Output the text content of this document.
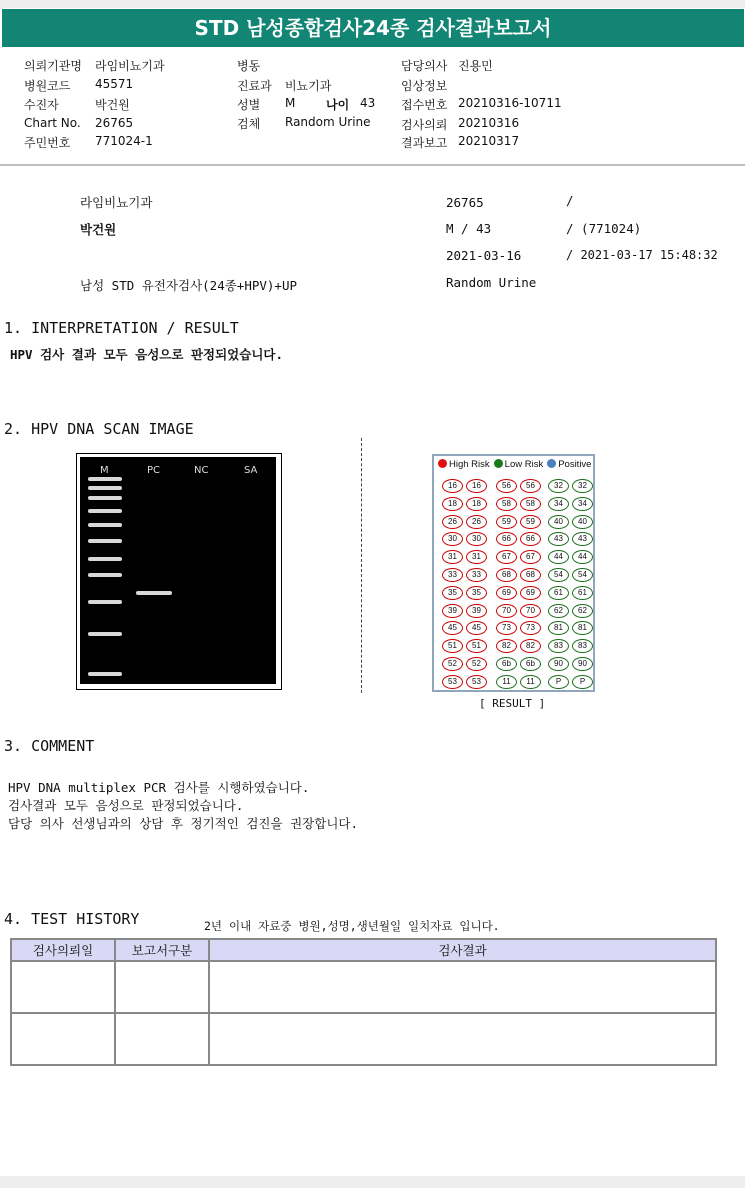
STD 남성종합검사24종 검사결과보고서
의뢰기관명 라임비뇨기과
병원코드 45571
수진자	박건원
Chart No. 26765
주민번호 771024-1
병동
진료과 비뇨기과
성별 M
검체 Random Urine
담당의사 진용민
임상정보
접수번호 20210316-10711
검사의뢰 20210316
결과보고 20210317
나이 43
라임비뇨기과
박건원
남성 STD 유전자검사(24종+HPV)+UP
26765	/
M / 43	/ (771024)
2021-03-16	/ 2021-03-17 15:48:32
Random Urine
1. INTERPRETATION / RESULT
HPV 검사 결과 모두 음성으로 판정되었습니다.
2. HPV DNA SCAN IMAGE
M	PC	NC	SA
High Risk Low Risk Positive
16	16
18	18
26	26
30	30
31	31
33	33
35	35
39	39
45	45
51	51
52	52
53	53
56	56
58	58
59	59
66	66
67	67
68	68
69	69
70	70
73	73
82	82
6b	6b
11	11
32	32
34	34
40	40
43	43
44	44
54	54
61	61
62	62
81	81
83	83
90	90
P	P
[ RESULT ]
3. COMMENT
HPV DNA multiplex PCR 검사를 시행하였습니다.
검사결과 모두 음성으로 판정되었습니다.
담당 의사 선생님과의 상담 후 정기적인 검진을 권장합니다.
4. TEST HISTORY	2년 이내 자료중 병원,성명,생년월일 일치자료 입니다.
검사의뢰일	보고서구분	검사결과
